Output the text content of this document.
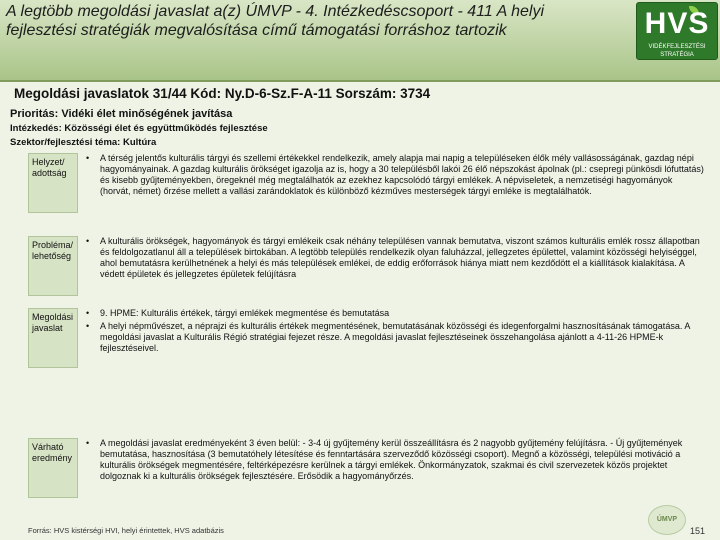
A legtöbb megoldási javaslat a(z) ÚMVP - 4. Intézkedéscsoport - 411 A helyi fejlesztési stratégiák megvalósítása című támogatási forráshoz tartozik	HVS
VIDÉKFEJLESZTÉSI STRATÉGIA
Megoldási javaslatok 31/44 Kód: Ny.D-6-Sz.F-A-11 Sorszám: 3734
Prioritás: Vidéki élet minőségének javítása
Intézkedés: Közösségi élet és együttműködés fejlesztése
Szektor/fejlesztési téma: Kultúra
Helyzet/ adottság
• A térség jelentős kulturális tárgyi és szellemi értékekkel rendelkezik, amely alapja mai napig a településeken élők mély vallásosságának, gazdag népi hagyományainak. A gazdag kulturális örökséget igazolja az is, hogy a 30 településből lakói 26 élő népszokást ápolnak (pl.: csepregi pünkösdi lófuttatás) és kisebb gyűjteményekben, öregeknél még megtalálhatók az ezekhez kapcsolódó tárgyi emlékek. A népviseletek, a nemzetiségi hagyományok (horvát, német) őrzése mellett a vallási zarándoklatok és különböző kézműves mesterségek tárgyi emléke is megtalálhatók.
Probléma/ lehetőség
• A kulturális örökségek, hagyományok és tárgyi emlékeik csak néhány településen vannak bemutatva, viszont számos kulturális emlék rossz állapotban és feldolgozatlanul áll a települések birtokában. A legtöbb település rendelkezik olyan faluházzal, jellegzetes épülettel, valamint közösségi helyiséggel, ahol bemutatásra kerülhetnének a helyi és más települések emlékei, de eddig erőforrások hiánya miatt nem kezdődött el a kiállítások kialakítása. A védett épületek és jellegzetes épületek felújításra
Megoldási javaslat
• 9. HPME: Kulturális értékek, tárgyi emlékek megmentése és bemutatása
• A helyi népművészet, a néprajzi és kulturális értékek megmentésének, bemutatásának közösségi és idegenforgalmi hasznosításának támogatása. A megoldási javaslat a Kulturális Régió stratégiai fejezet része. A megoldási javaslat fejlesztéseinek összehangolása ajánlott a 4-11-26 HPME-k fejlesztéseivel.
Várható eredmény
• A megoldási javaslat eredményeként 3 éven belül: - 3-4 új gyűjtemény kerül összeállításra és 2 nagyobb gyűjtemény felújításra. - Új gyűjtemények bemutatása, hasznosítása (3 bemutatóhely létesítése és fenntartására szerveződő közösségi csoport). Megnő a közösségi, települési motiváció a kulturális örökségek megmentésére, feltérképezésre kerülnek a tárgyi emlékek. Önkormányzatok, szakmai és civil szervezetek közös projektet dolgoznak ki a kulturális örökségek fejlesztésére. Erősödik a hagyományőrzés.
Forrás: HVS kistérségi HVI, helyi érintettek, HVS adatbázis
ÚMVP
151
